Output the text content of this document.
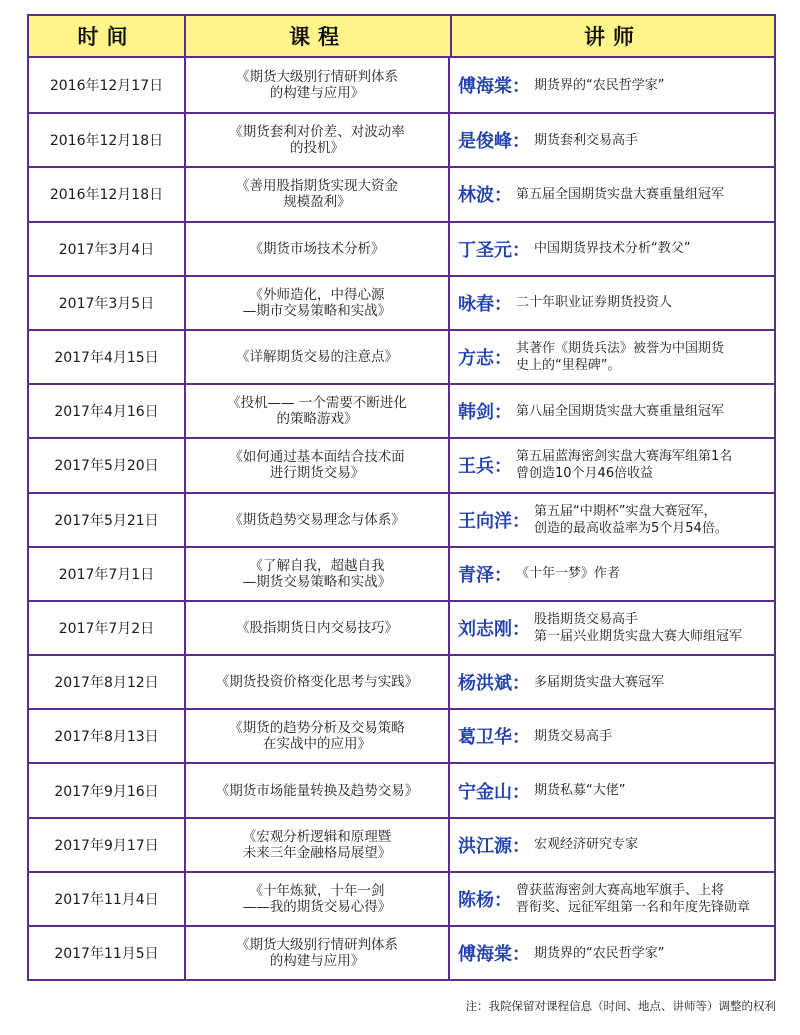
时间	课程	讲师
2016年12月17日
《期货大级别行情研判体系
的构建与应用》	傅海棠 ： 期货界的“农民哲学家”
2016年12月18日
《期货套利对价差、对波动率
的投机》	是俊峰 ： 期货套利交易高手
2016年12月18日
《善用股指期货实现大资金
规模盈利》	林波 ： 第五届全国期货实盘大赛重量组冠军
2017年3月4日	《期货市场技术分析》	丁圣元 ： 中国期货界技术分析“教父”
2017年3月5日
《外师造化，中得心源
—期市交易策略和实战》	咏春 ： 二十年职业证券期货投资人
2017年4月15日	《详解期货交易的注意点》	方志 ： 其著作《期货兵法》被誉为中国期货
史上的“里程碑”。
2017年4月16日
《投机—— 一个需要不断进化
的策略游戏》	韩剑 ： 第八届全国期货实盘大赛重量组冠军
2017年5月20日
《如何通过基本面结合技术面
进行期货交易》	王兵 ： 第五届蓝海密剑实盘大赛海军组第1名
曾创造10个月46倍收益
2017年5月21日	《期货趋势交易理念与体系》	王向洋 ： 第五届“中期杯”实盘大赛冠军，
创造的最高收益率为5个月54倍。
2017年7月1日
《了解自我，超越自我
—期货交易策略和实战》	青泽 ： 《十年一梦》作者
2017年7月2日	《股指期货日内交易技巧》	刘志刚 ： 股指期货交易高手
第一届兴业期货实盘大赛大师组冠军
2017年8月12日	《期货投资价格变化思考与实践》	杨洪斌 ： 多届期货实盘大赛冠军
2017年8月13日
《期货的趋势分析及交易策略
在实战中的应用》	葛卫华 ： 期货交易高手
2017年9月16日	《期货市场能量转换及趋势交易》	宁金山 ： 期货私募“大佬”
2017年9月17日
《宏观分析逻辑和原理暨
未来三年金融格局展望》	洪江源 ： 宏观经济研究专家
2017年11月4日
《十年炼狱，十年一剑
——我的期货交易心得》	陈杨 ： 曾获蓝海密剑大赛高地军旗手、上将
晋衔奖、远征军组第一名和年度先锋勋章
2017年11月5日
《期货大级别行情研判体系
的构建与应用》	傅海棠 ： 期货界的“农民哲学家”
注：我院保留对课程信息（时间、地点、讲师等）调整的权利
